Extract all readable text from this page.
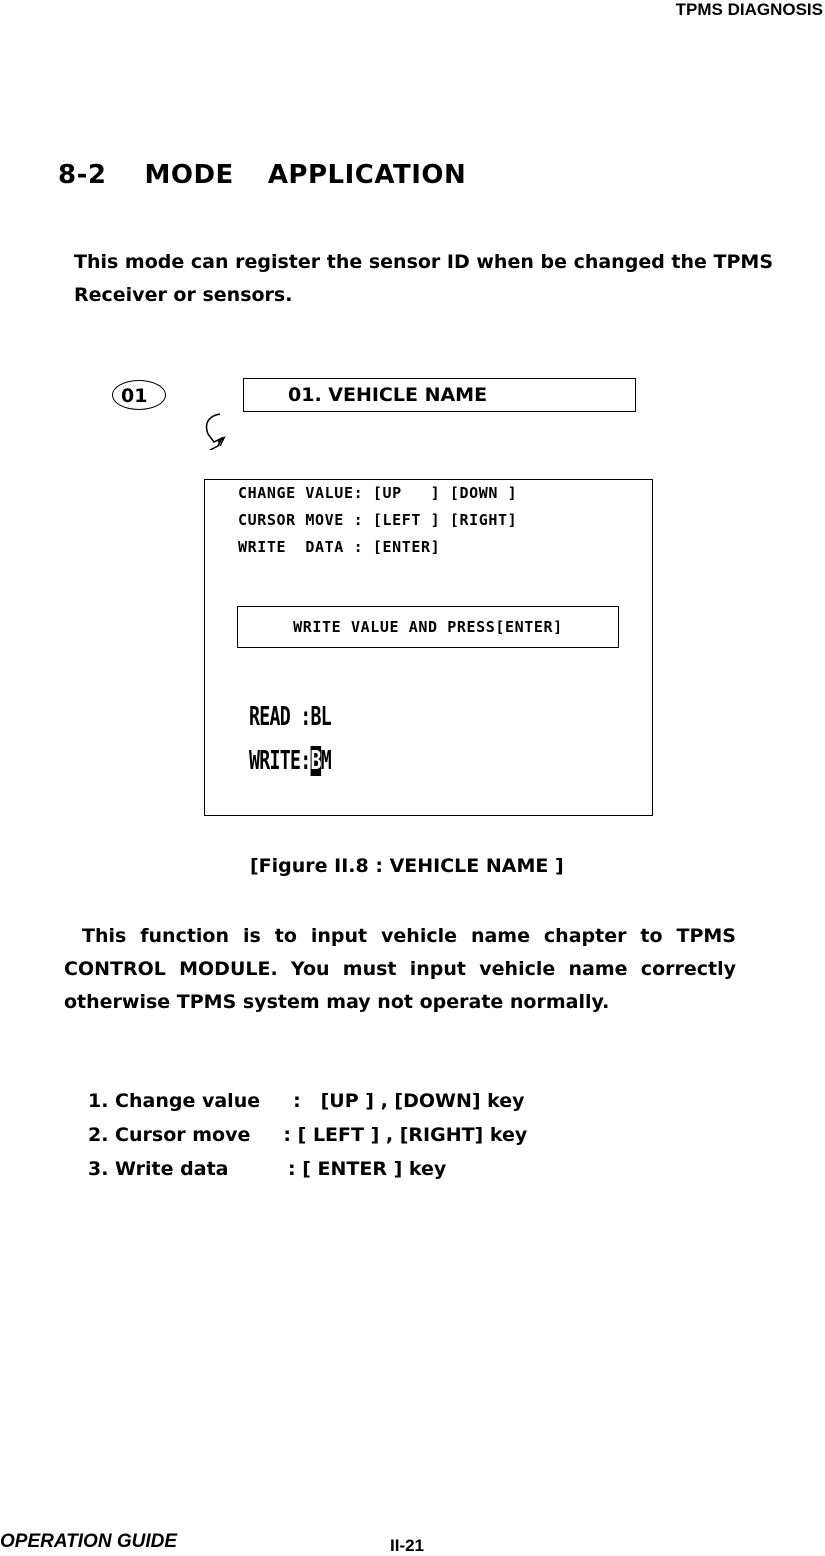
TPMS DIAGNOSIS
8-2 MODE APPLICATION
This mode can register the sensor ID when be changed the TPMS Receiver or sensors.
01	01. VEHICLE NAME
CHANGE VALUE: [UP   ] [DOWN ]
CURSOR MOVE : [LEFT ] [RIGHT]
WRITE  DATA : [ENTER]
WRITE VALUE AND PRESS[ENTER]
READ :BL
WRITE:BM
[Figure II.8 : VEHICLE NAME ]
This function is to input vehicle name chapter to TPMS CONTROL MODULE. You must input vehicle name correctly otherwise TPMS system may not operate normally.
1. Change value     :   [UP ] , [DOWN] key
2. Cursor move     : [ LEFT ] , [RIGHT] key
3. Write data         : [ ENTER ] key
OPERATION GUIDE	II-21
